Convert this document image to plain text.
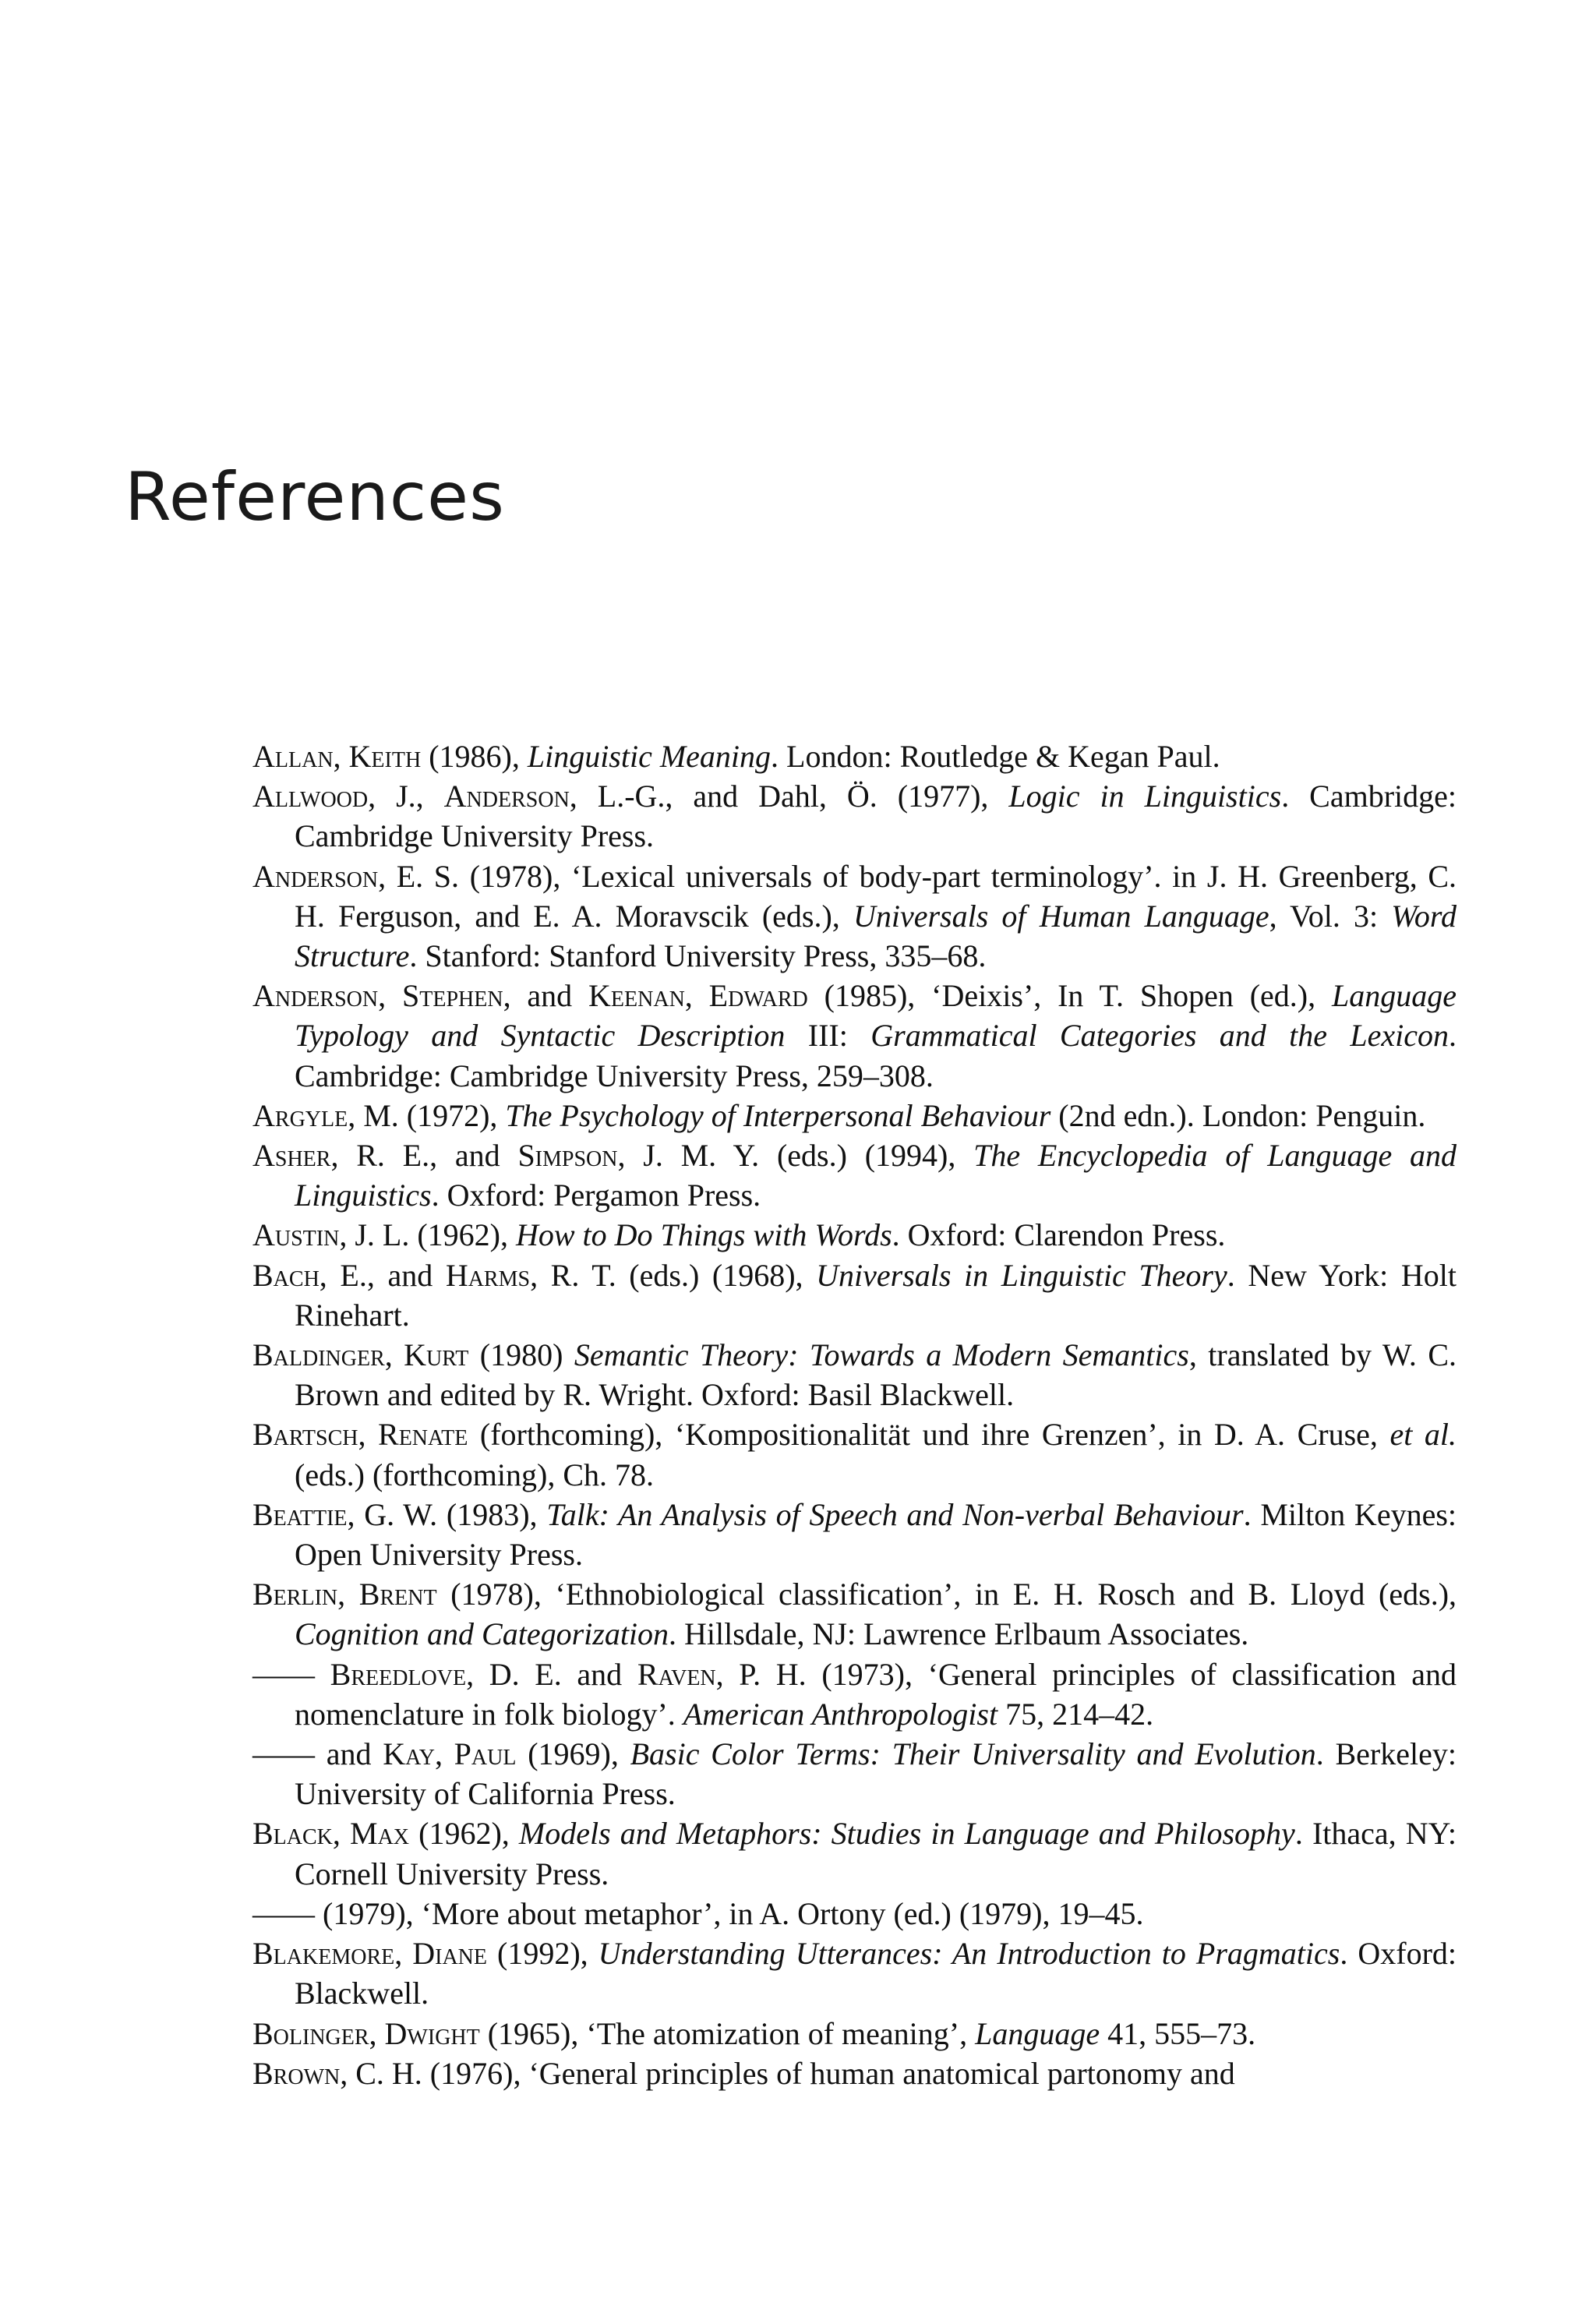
References
Allan, Keith (1986), Linguistic Meaning. London: Routledge & Kegan Paul.
Allwood, J., Anderson, L.-G., and Dahl, Ö. (1977), Logic in Linguistics. Cambridge: Cambridge University Press.
Anderson, E. S. (1978), ‘Lexical universals of body-part terminology’. in J. H. Greenberg, C. H. Ferguson, and E. A. Moravscik (eds.), Universals of Human Language, Vol. 3: Word Structure. Stanford: Stanford University Press, 335–68.
Anderson, Stephen, and Keenan, Edward (1985), ‘Deixis’, In T. Shopen (ed.), Language Typology and Syntactic Description III: Grammatical Categories and the Lexicon. Cambridge: Cambridge University Press, 259–308.
Argyle, M. (1972), The Psychology of Interpersonal Behaviour (2nd edn.). London: Penguin.
Asher, R. E., and Simpson, J. M. Y. (eds.) (1994), The Encyclopedia of Language and Linguistics. Oxford: Pergamon Press.
Austin, J. L. (1962), How to Do Things with Words. Oxford: Clarendon Press.
Bach, E., and Harms, R. T. (eds.) (1968), Universals in Linguistic Theory. New York: Holt Rinehart.
Baldinger, Kurt (1980) Semantic Theory: Towards a Modern Semantics, translated by W. C. Brown and edited by R. Wright. Oxford: Basil Blackwell.
Bartsch, Renate (forthcoming), ‘Kompositionalität und ihre Grenzen’, in D. A. Cruse, et al. (eds.) (forthcoming), Ch. 78.
Beattie, G. W. (1983), Talk: An Analysis of Speech and Non-verbal Behaviour. Milton Keynes: Open University Press.
Berlin, Brent (1978), ‘Ethnobiological classification’, in E. H. Rosch and B. Lloyd (eds.), Cognition and Categorization. Hillsdale, NJ: Lawrence Erlbaum Associates.
—— Breedlove, D. E. and Raven, P. H. (1973), ‘General principles of classification and nomenclature in folk biology’. American Anthropologist 75, 214–42.
—— and Kay, Paul (1969), Basic Color Terms: Their Universality and Evolution. Berkeley: University of California Press.
Black, Max (1962), Models and Metaphors: Studies in Language and Philosophy. Ithaca, NY: Cornell University Press.
—— (1979), ‘More about metaphor’, in A. Ortony (ed.) (1979), 19–45.
Blakemore, Diane (1992), Understanding Utterances: An Introduction to Pragmatics. Oxford: Blackwell.
Bolinger, Dwight (1965), ‘The atomization of meaning’, Language 41, 555–73.
Brown, C. H. (1976), ‘General principles of human anatomical partonomy and
